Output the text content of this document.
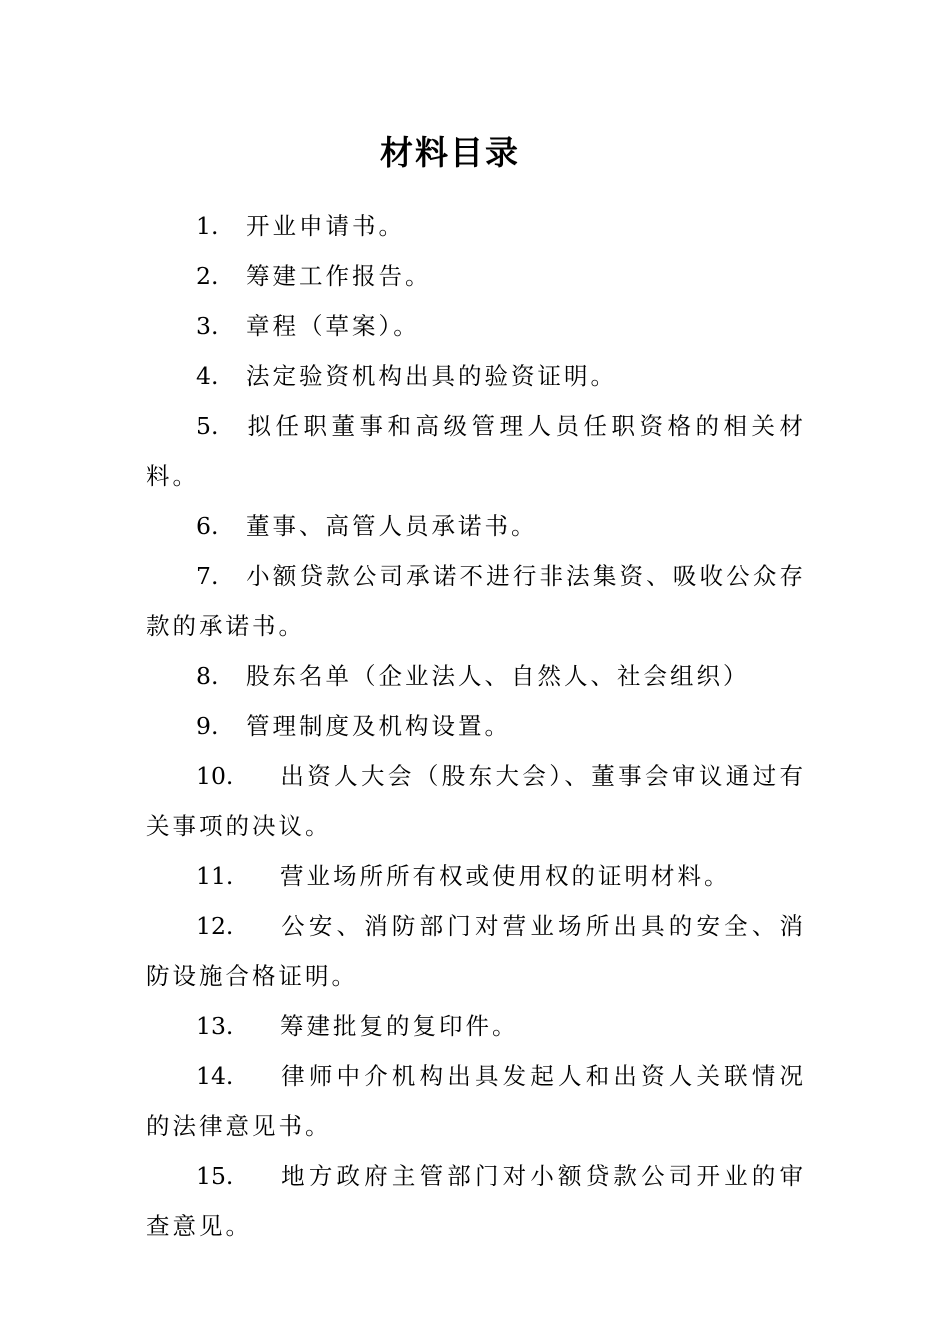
材料目录
1. 开业申请书。
2. 筹建工作报告。
3. 章程（草案）。
4. 法定验资机构出具的验资证明。
5. 拟任职董事和高级管理人员任职资格的相关材料。
6. 董事、高管人员承诺书。
7. 小额贷款公司承诺不进行非法集资、吸收公众存款的承诺书。
8. 股东名单（企业法人、自然人、社会组织）
9. 管理制度及机构设置。
10. 出资人大会（股东大会）、董事会审议通过有关事项的决议。
11. 营业场所所有权或使用权的证明材料。
12. 公安、消防部门对营业场所出具的安全、消防设施合格证明。
13. 筹建批复的复印件。
14. 律师中介机构出具发起人和出资人关联情况的法律意见书。
15. 地方政府主管部门对小额贷款公司开业的审查意见。
